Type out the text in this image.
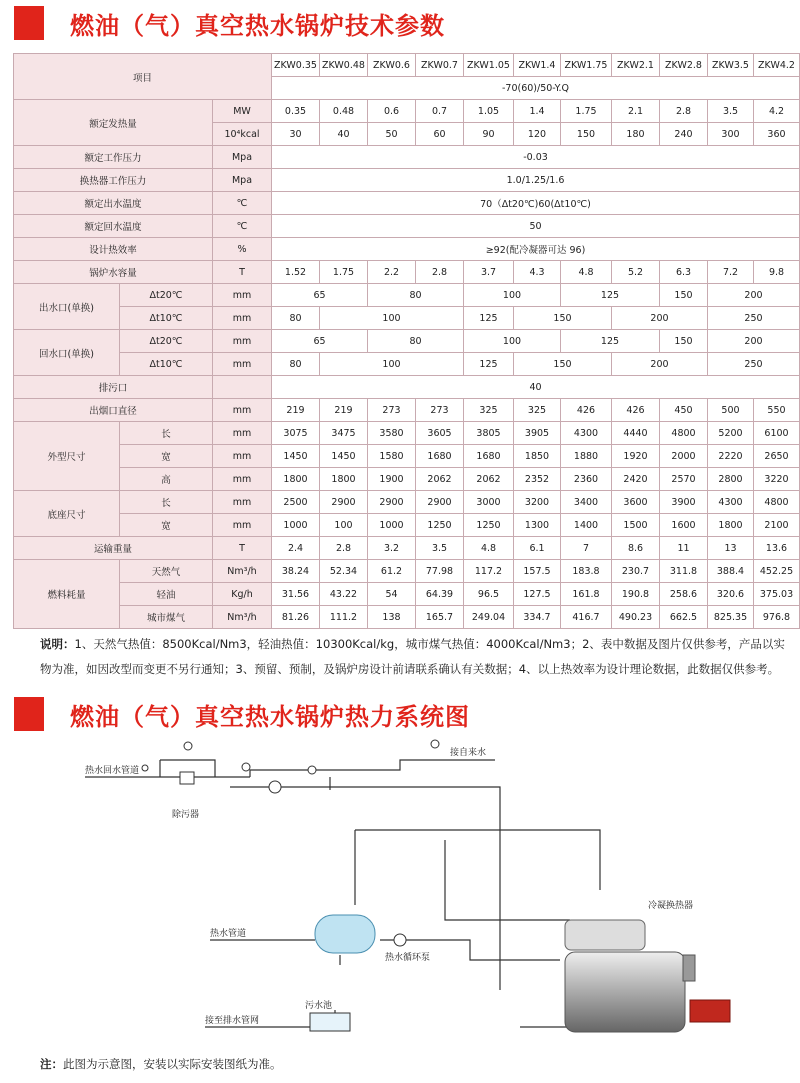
燃油（气）真空热水锅炉技术参数
项目			ZKW0.35	ZKW0.48	ZKW0.6	ZKW0.7	ZKW1.05	ZKW1.4	ZKW1.75	ZKW2.1	ZKW2.8	ZKW3.5	ZKW4.2
			-70(60)/50-Y.Q										
额定发热量		MW	0.35	0.48	0.6	0.7	1.05	1.4	1.75	2.1	2.8	3.5	4.2
		10⁴kcal	30	40	50	60	90	120	150	180	240	300	360
额定工作压力		Mpa	-0.03										
换热器工作压力		Mpa	1.0/1.25/1.6										
额定出水温度		℃	70（Δt20℃)60(Δt10℃)										
额定回水温度		℃	50										
设计热效率		%	≥92(配冷凝器可达 96)										
锅炉水容量		T	1.52	1.75	2.2	2.8	3.7	4.3	4.8	5.2	6.3	7.2	9.8
出水口(单换)	Δt20℃	mm	65		80		100		125		150	200	
	Δt10℃	mm	80	100			125	150		200		250	
回水口(单换)	Δt20℃	mm	65		80		100		125		150	200	
	Δt10℃	mm	80	100			125	150		200		250	
排污口			40										
出烟口直径		mm	219	219	273	273	325	325	426	426	450	500	550
外型尺寸	长	mm	3075	3475	3580	3605	3805	3905	4300	4440	4800	5200	6100
	宽	mm	1450	1450	1580	1680	1680	1850	1880	1920	2000	2220	2650
	高	mm	1800	1800	1900	2062	2062	2352	2360	2420	2570	2800	3220
底座尺寸	长	mm	2500	2900	2900	2900	3000	3200	3400	3600	3900	4300	4800
	宽	mm	1000	100	1000	1250	1250	1300	1400	1500	1600	1800	2100
运输重量		T	2.4	2.8	3.2	3.5	4.8	6.1	7	8.6	11	13	13.6
燃料耗量	天然气	Nm³/h	38.24	52.34	61.2	77.98	117.2	157.5	183.8	230.7	311.8	388.4	452.25
	轻油	Kg/h	31.56	43.22	54	64.39	96.5	127.5	161.8	190.8	258.6	320.6	375.03
	城市煤气	Nm³/h	81.26	111.2	138	165.7	249.04	334.7	416.7	490.23	662.5	825.35	976.8
说明：1、天然气热值：8500Kcal/Nm3，轻油热值：10300Kcal/kg，城市煤气热值：4000Kcal/Nm3；2、表中数据及图片仅供参考，产品以实物为准，如因改型而变更不另行通知；3、预留、预制，及锅炉房设计前请联系确认有关数据；4、以上热效率为设计理论数据，此数据仅供参考。
燃油（气）真空热水锅炉热力系统图
热水回水管道
除污器
接自来水
热水管道
热水循环泵
冷凝换热器
污水池
接至排水管网
注：此图为示意图，安装以实际安装图纸为准。
